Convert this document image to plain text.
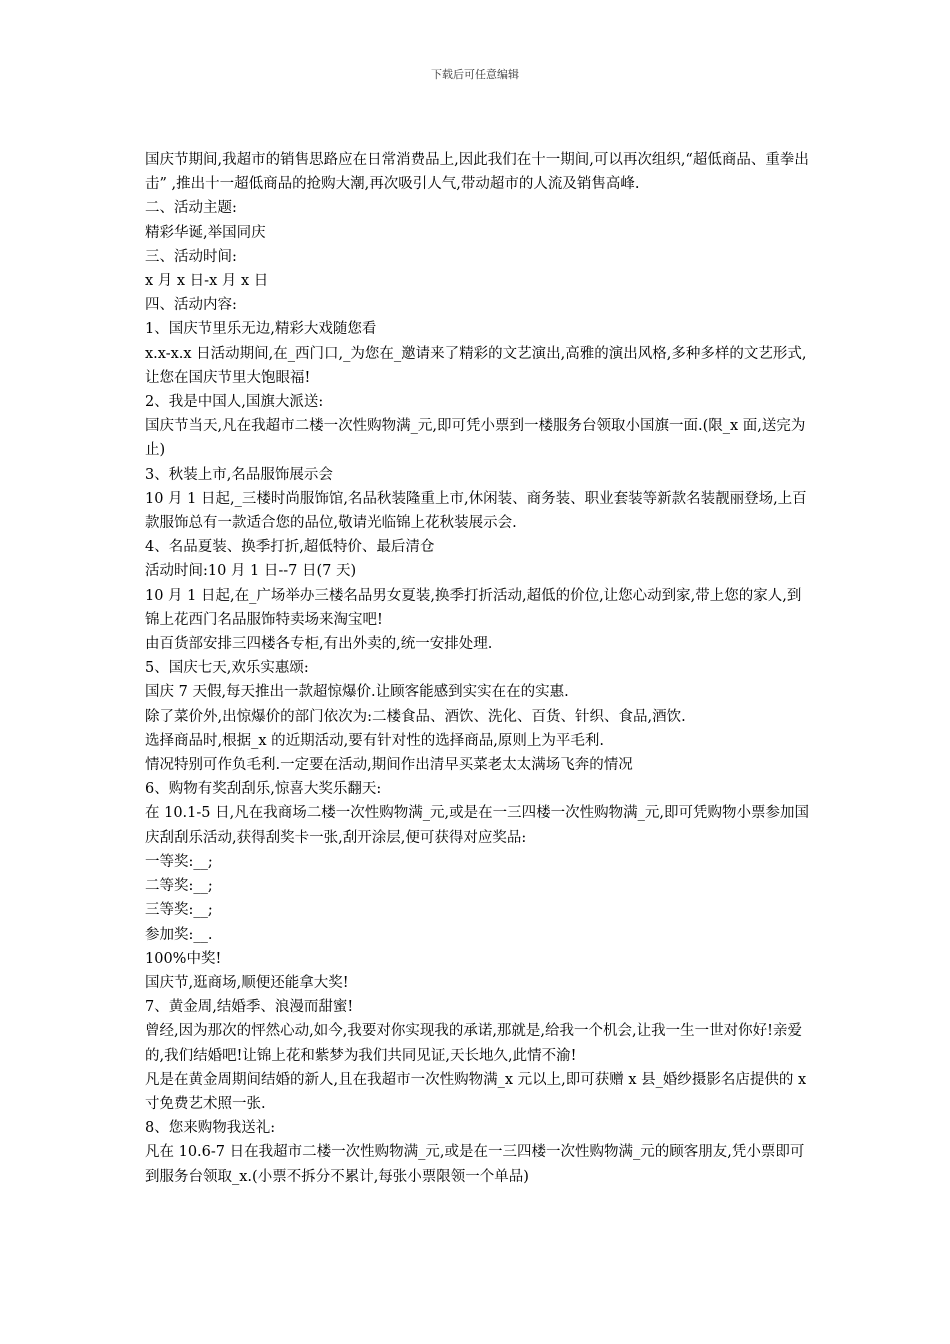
下载后可任意编辑

国庆节期间,我超市的销售思路应在日常消费品上,因此我们在十一期间,可以再次组织,“超低商品、重拳出击” ,推出十一超低商品的抢购大潮,再次吸引人气,带动超市的人流及销售高峰.

二、活动主题:

精彩华诞,举国同庆

三、活动时间:

x 月 x 日-x 月 x 日

四、活动内容:

1、国庆节里乐无边,精彩大戏随您看

x.x-x.x 日活动期间,在_西门口,_为您在_邀请来了精彩的文艺演出,高雅的演出风格,多种多样的文艺形式,让您在国庆节里大饱眼福!

2、我是中国人,国旗大派送:

国庆节当天,凡在我超市二楼一次性购物满_元,即可凭小票到一楼服务台领取小国旗一面.(限_x 面,送完为止)

3、秋装上市,名品服饰展示会

10 月 1 日起,_三楼时尚服饰馆,名品秋装隆重上市,休闲装、商务装、职业套装等新款名装靓丽登场,上百款服饰总有一款适合您的品位,敬请光临锦上花秋装展示会.

4、名品夏装、换季打折,超低特价、最后清仓

活动时间:10 月 1 日--7 日(7 天)

10 月 1 日起,在_广场举办三楼名品男女夏装,换季打折活动,超低的价位,让您心动到家,带上您的家人,到锦上花西门名品服饰特卖场来淘宝吧!

由百货部安排三四楼各专柜,有出外卖的,统一安排处理.

5、国庆七天,欢乐实惠颂:

国庆 7 天假,每天推出一款超惊爆价.让顾客能感到实实在在的实惠.

除了菜价外,出惊爆价的部门依次为:二楼食品、酒饮、洗化、百货、针织、食品,酒饮.

选择商品时,根据_x 的近期活动,要有针对性的选择商品,原则上为平毛利.

情况特别可作负毛利.一定要在活动,期间作出清早买菜老太太满场飞奔的情况

6、购物有奖刮刮乐,惊喜大奖乐翻天:

在 10.1-5 日,凡在我商场二楼一次性购物满_元,或是在一三四楼一次性购物满_元,即可凭购物小票参加国庆刮刮乐活动,获得刮奖卡一张,刮开涂层,便可获得对应奖品:

一等奖:__;

二等奖:__;

三等奖:__;

参加奖:__.

100%中奖!

国庆节,逛商场,顺便还能拿大奖!

7、黄金周,结婚季、浪漫而甜蜜!

曾经,因为那次的怦然心动,如今,我要对你实现我的承诺,那就是,给我一个机会,让我一生一世对你好!亲爱的,我们结婚吧!让锦上花和紫梦为我们共同见证,天长地久,此情不渝!

凡是在黄金周期间结婚的新人,且在我超市一次性购物满_x 元以上,即可获赠 x 县_婚纱摄影名店提供的 x 寸免费艺术照一张.

8、您来购物我送礼:

凡在 10.6-7 日在我超市二楼一次性购物满_元,或是在一三四楼一次性购物满_元的顾客朋友,凭小票即可到服务台领取_x.(小票不拆分不累计,每张小票限领一个单品)
